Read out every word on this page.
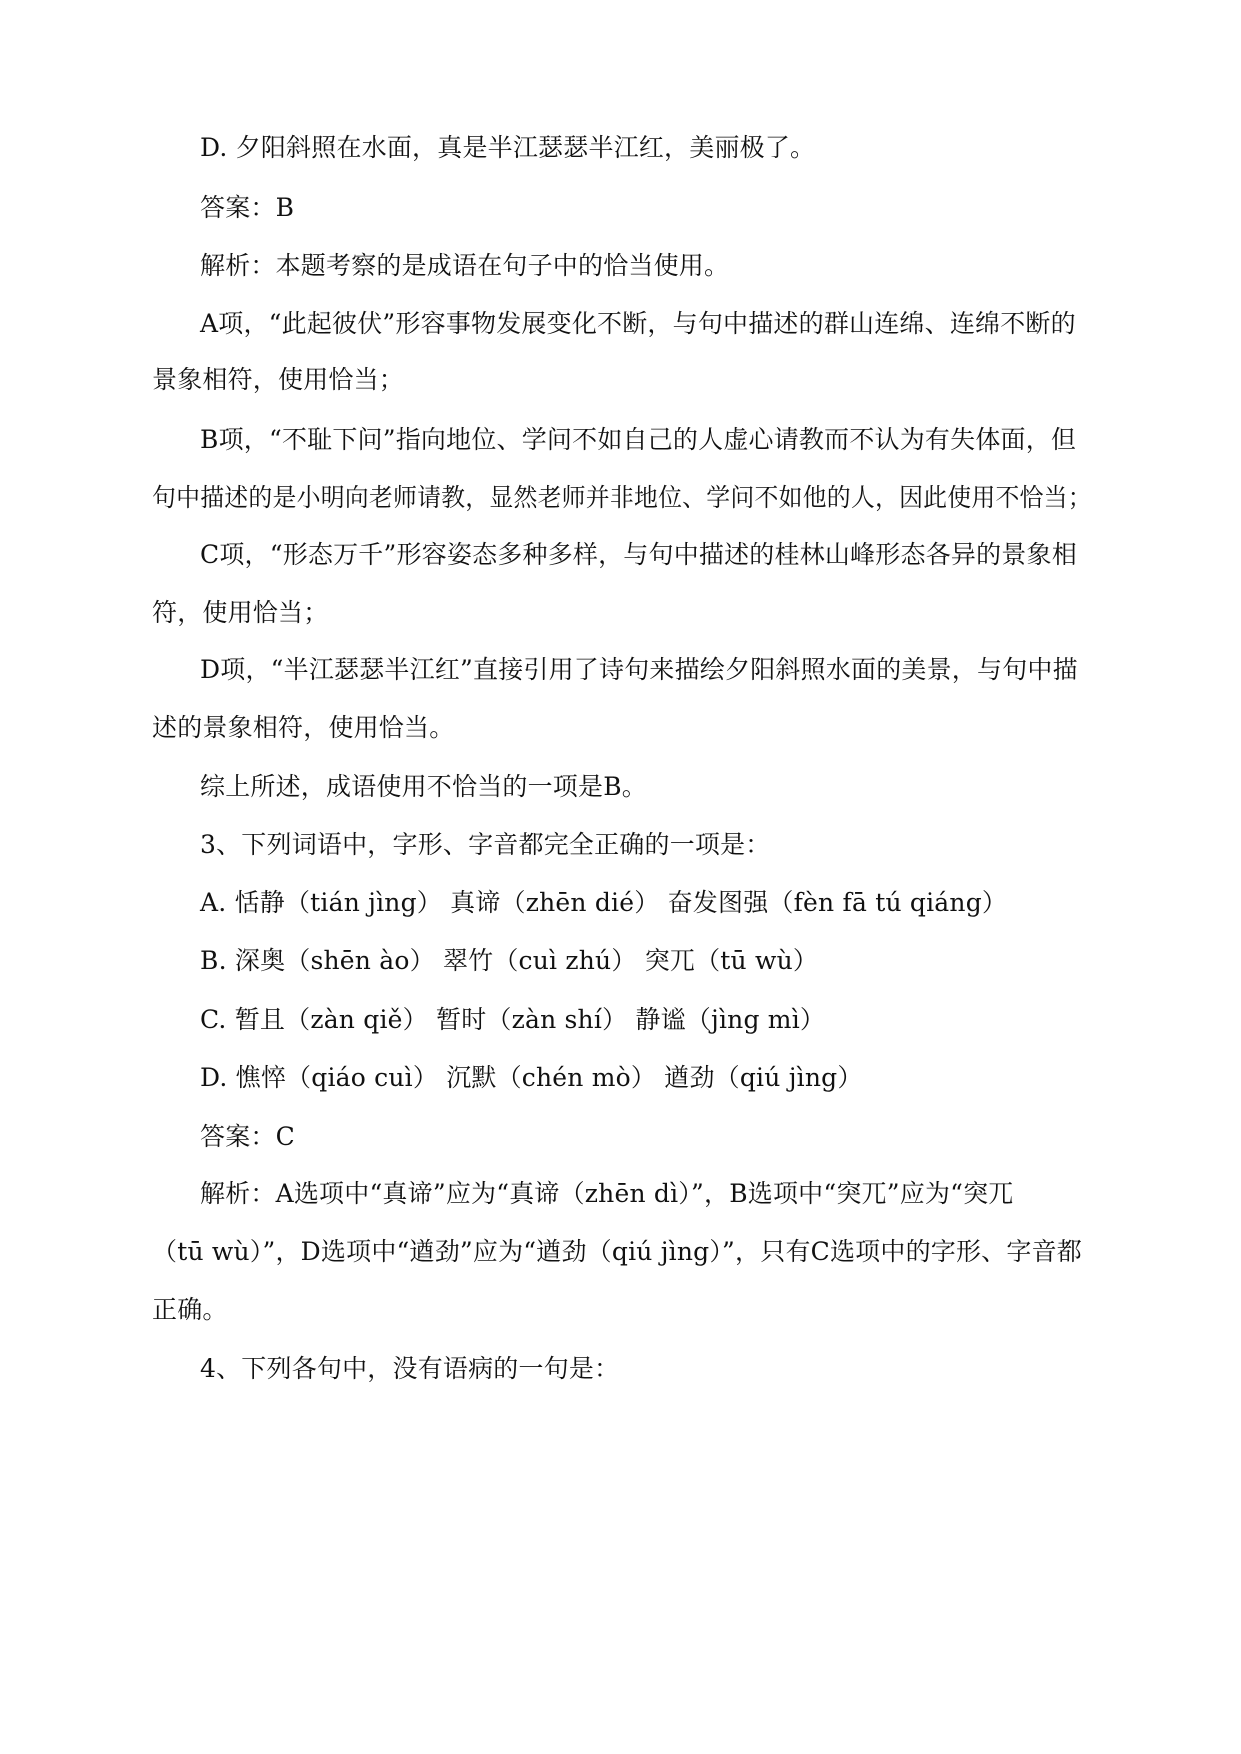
D. 夕阳斜照在水面，真是半江瑟瑟半江红，美丽极了。
答案：B
解析：本题考察的是成语在句子中的恰当使用。
A项，“此起彼伏”形容事物发展变化不断，与句中描述的群山连绵、连绵不断的
景象相符，使用恰当；
B项，“不耻下问”指向地位、学问不如自己的人虚心请教而不认为有失体面，但
句中描述的是小明向老师请教，显然老师并非地位、学问不如他的人，因此使用不恰当；
C项，“形态万千”形容姿态多种多样，与句中描述的桂林山峰形态各异的景象相
符，使用恰当；
D项，“半江瑟瑟半江红”直接引用了诗句来描绘夕阳斜照水面的美景，与句中描
述的景象相符，使用恰当。
综上所述，成语使用不恰当的一项是B。
3、下列词语中，字形、字音都完全正确的一项是：
A. 恬静（tián jìng） 真谛（zhēn dié） 奋发图强（fèn fā tú qiáng）
B. 深奥（shēn ào） 翠竹（cuì zhú） 突兀（tū wù）
C. 暂且（zàn qiě） 暂时（zàn shí） 静谧（jìng mì）
D. 憔悴（qiáo cuì） 沉默（chén mò） 遒劲（qiú jìng）
答案：C
解析：A选项中“真谛”应为“真谛（zhēn dì）”，B选项中“突兀”应为“突兀
（tū wù）”，D选项中“遒劲”应为“遒劲（qiú jìng）”，只有C选项中的字形、字音都
正确。
4、下列各句中，没有语病的一句是：
